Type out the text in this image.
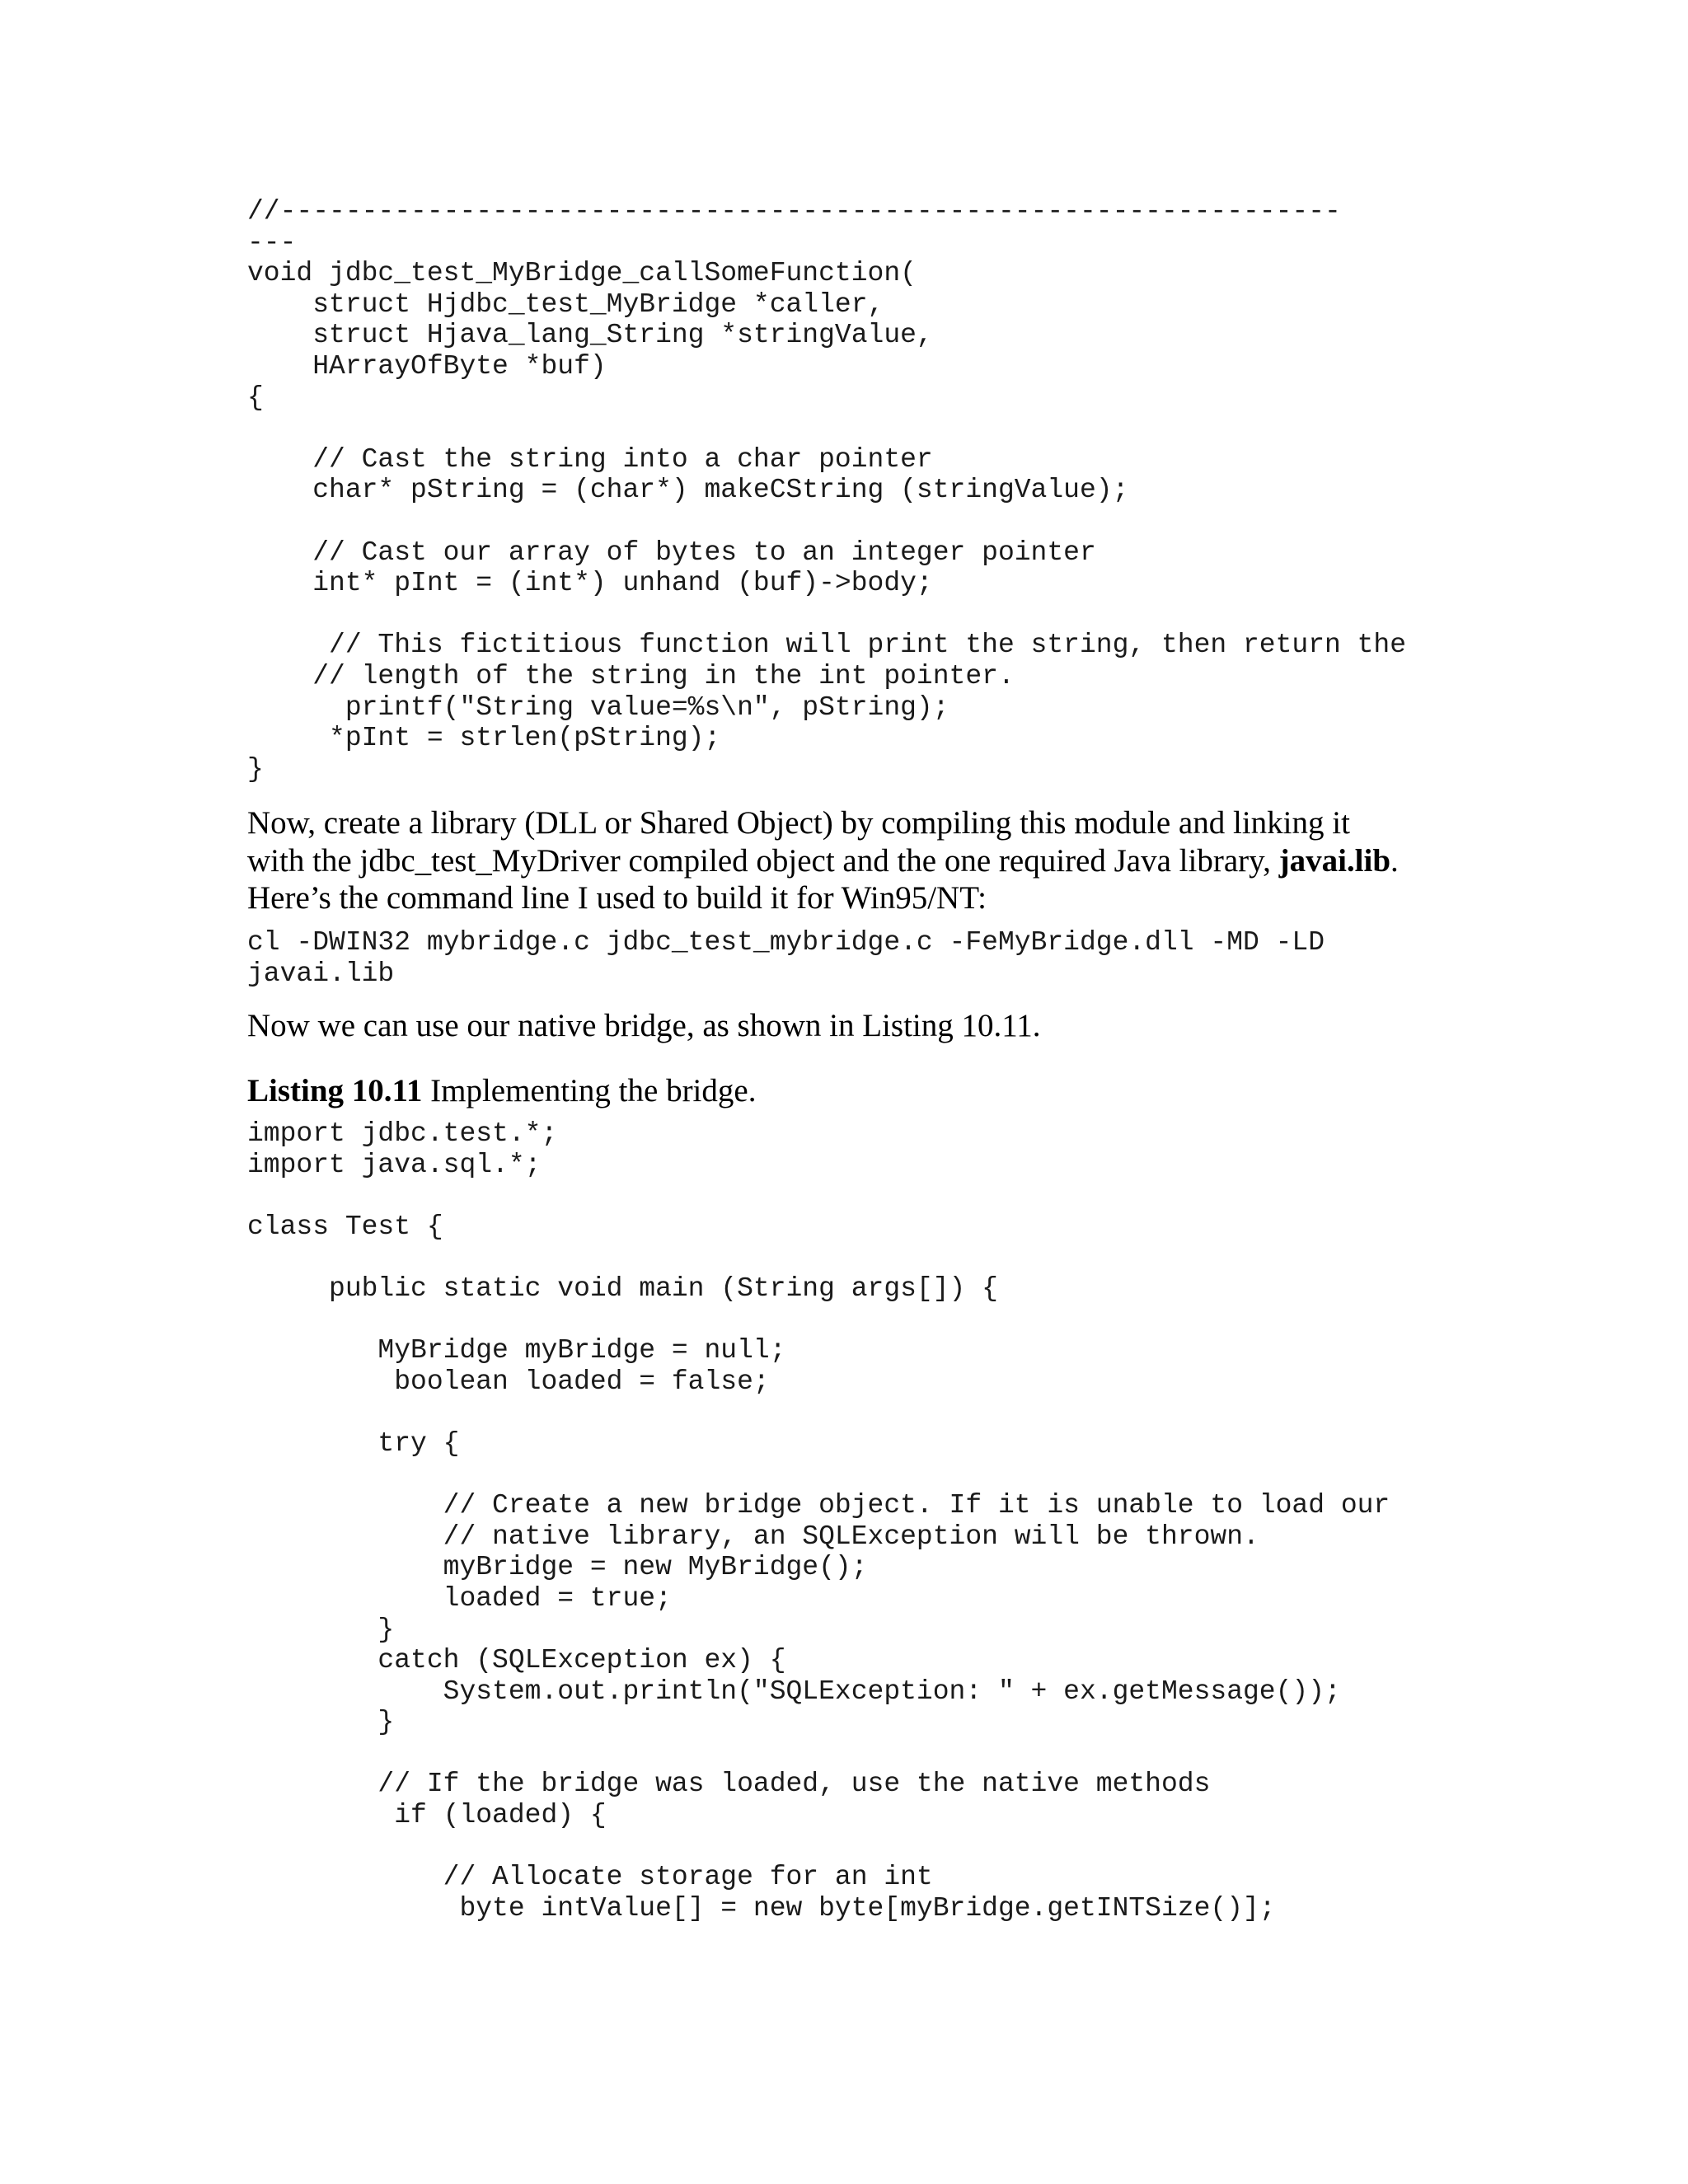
//-----------------------------------------------------------------
---
void jdbc_test_MyBridge_callSomeFunction(
struct Hjdbc_test_MyBridge *caller,
struct Hjava_lang_String *stringValue,
HArrayOfByte *buf)
{
// Cast the string into a char pointer
char* pString = (char*) makeCString (stringValue);
// Cast our array of bytes to an integer pointer
int* pInt = (int*) unhand (buf)->body;
// This fictitious function will print the string, then return the
// length of the string in the int pointer.
printf("String value=%s\n", pString);
*pInt = strlen(pString);
}
Now, create a library (DLL or Shared Object) by compiling this module and linking it
with the jdbc_test_MyDriver compiled object and the one required Java library, javai.lib.
Here’s the command line I used to build it for Win95/NT:
cl -DWIN32 mybridge.c jdbc_test_mybridge.c -FeMyBridge.dll -MD -LD
javai.lib
Now we can use our native bridge, as shown in Listing 10.11.
Listing 10.11 Implementing the bridge.
import jdbc.test.*;
import java.sql.*;
class Test {
public static void main (String args[]) {
MyBridge myBridge = null;
boolean loaded = false;
try {
// Create a new bridge object. If it is unable to load our
// native library, an SQLException will be thrown.
myBridge = new MyBridge();
loaded = true;
}
catch (SQLException ex) {
System.out.println("SQLException: " + ex.getMessage());
}
// If the bridge was loaded, use the native methods
if (loaded) {
// Allocate storage for an int
byte intValue[] = new byte[myBridge.getINTSize()];
